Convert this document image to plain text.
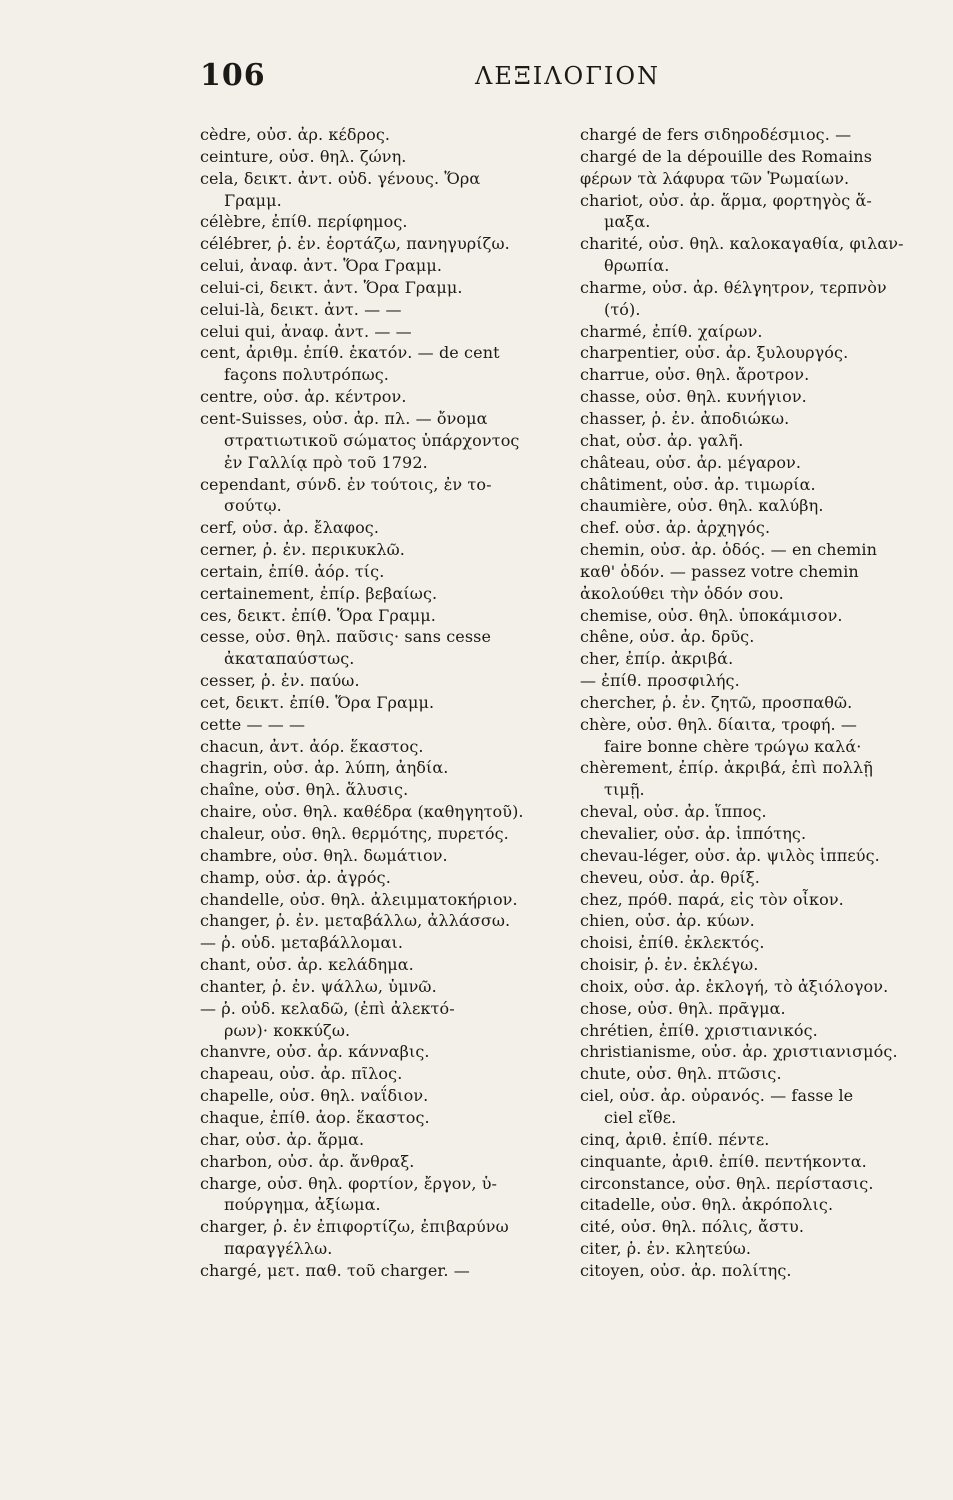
106	ΛΕΞΙΛΟΓΙΟΝ
cèdre, οὐσ. ἀρ. κέδρος.
ceinture, οὐσ. θηλ. ζώνη.
cela, δεικτ. ἀντ. οὐδ. γένους. Ὅρα
Γραμμ.
célèbre, ἐπίθ. περίφημος.
célébrer, ῥ. ἐν. ἑορτάζω, πανηγυρίζω.
celui, ἀναφ. ἀντ. Ὅρα Γραμμ.
celui-ci, δεικτ. ἀντ. Ὅρα Γραμμ.
celui-là, δεικτ. ἀντ. — —
celui qui, ἀναφ. ἀντ. — —
cent, ἀριθμ. ἐπίθ. ἑκατόν. — de cent
façons πολυτρόπως.
centre, οὐσ. ἀρ. κέντρον.
cent-Suisses, οὐσ. ἀρ. πλ. — ὄνομα
στρατιωτικοῦ σώματος ὑπάρχοντος
ἐν Γαλλίᾳ πρὸ τοῦ 1792.
cependant, σύνδ. ἐν τούτοις, ἐν το-
σούτῳ.
cerf, οὐσ. ἀρ. ἔλαφος.
cerner, ῥ. ἐν. περικυκλῶ.
certain, ἐπίθ. ἀόρ. τίς.
certainement, ἐπίρ. βεβαίως.
ces, δεικτ. ἐπίθ. Ὅρα Γραμμ.
cesse, οὐσ. θηλ. παῦσις· sans cesse
ἀκαταπαύστως.
cesser, ῥ. ἐν. παύω.
cet, δεικτ. ἐπίθ. Ὅρα Γραμμ.
cette — — —
chacun, ἀντ. ἀόρ. ἕκαστος.
chagrin, οὐσ. ἀρ. λύπη, ἀηδία.
chaîne, οὐσ. θηλ. ἅλυσις.
chaire, οὐσ. θηλ. καθέδρα (καθηγητοῦ).
chaleur, οὐσ. θηλ. θερμότης, πυρετός.
chambre, οὐσ. θηλ. δωμάτιον.
champ, οὐσ. ἀρ. ἀγρός.
chandelle, οὐσ. θηλ. ἀλειμματοκήριον.
changer, ῥ. ἐν. μεταβάλλω, ἀλλάσσω.
— ῥ. οὐδ. μεταβάλλομαι.
chant, οὐσ. ἀρ. κελάδημα.
chanter, ῥ. ἐν. ψάλλω, ὑμνῶ.
— ῥ. οὐδ. κελαδῶ, (ἐπὶ ἀλεκτό-
ρων)· κοκκύζω.
chanvre, οὐσ. ἀρ. κάνναβις.
chapeau, οὐσ. ἀρ. πῖλος.
chapelle, οὐσ. θηλ. ναΐδιον.
chaque, ἐπίθ. ἀορ. ἕκαστος.
char, οὐσ. ἀρ. ἅρμα.
charbon, οὐσ. ἀρ. ἄνθραξ.
charge, οὐσ. θηλ. φορτίον, ἔργον, ὑ-
πούργημα, ἀξίωμα.
charger, ῥ. ἐν ἐπιφορτίζω, ἐπιβαρύνω
παραγγέλλω.
chargé, μετ. παθ. τοῦ charger. —
chargé de fers σιδηροδέσμιος. —
chargé de la dépouille des Romains
φέρων τὰ λάφυρα τῶν Ῥωμαίων.
chariot, οὐσ. ἀρ. ἅρμα, φορτηγὸς ἅ-
μαξα.
charité, οὐσ. θηλ. καλοκαγαθία, φιλαν-
θρωπία.
charme, οὐσ. ἀρ. θέλγητρον, τερπνὸν
(τό).
charmé, ἐπίθ. χαίρων.
charpentier, οὐσ. ἀρ. ξυλουργός.
charrue, οὐσ. θηλ. ἄροτρον.
chasse, οὐσ. θηλ. κυνήγιον.
chasser, ῥ. ἐν. ἀποδιώκω.
chat, οὐσ. ἀρ. γαλῆ.
château, οὐσ. ἀρ. μέγαρον.
châtiment, οὐσ. ἀρ. τιμωρία.
chaumière, οὐσ. θηλ. καλύβη.
chef. οὐσ. ἀρ. ἀρχηγός.
chemin, οὐσ. ἀρ. ὁδός. — en chemin
καθ' ὁδόν. — passez votre chemin
ἀκολούθει τὴν ὁδόν σου.
chemise, οὐσ. θηλ. ὑποκάμισον.
chêne, οὐσ. ἀρ. δρῦς.
cher, ἐπίρ. ἀκριβά.
— ἐπίθ. προσφιλής.
chercher, ῥ. ἐν. ζητῶ, προσπαθῶ.
chère, οὐσ. θηλ. δίαιτα, τροφή. —
faire bonne chère τρώγω καλά·
chèrement, ἐπίρ. ἀκριβά, ἐπὶ πολλῇ
τιμῇ.
cheval, οὐσ. ἀρ. ἵππος.
chevalier, οὐσ. ἀρ. ἱππότης.
chevau-léger, οὐσ. ἀρ. ψιλὸς ἱππεύς.
cheveu, οὐσ. ἀρ. θρίξ.
chez, πρόθ. παρά, εἰς τὸν οἶκον.
chien, οὐσ. ἀρ. κύων.
choisi, ἐπίθ. ἐκλεκτός.
choisir, ῥ. ἐν. ἐκλέγω.
choix, οὐσ. ἀρ. ἐκλογή, τὸ ἀξιόλογον.
chose, οὐσ. θηλ. πρᾶγμα.
chrétien, ἐπίθ. χριστιανικός.
christianisme, οὐσ. ἀρ. χριστιανισμός.
chute, οὐσ. θηλ. πτῶσις.
ciel, οὐσ. ἀρ. οὐρανός. — fasse le
ciel εἴθε.
cinq, ἀριθ. ἐπίθ. πέντε.
cinquante, ἀριθ. ἐπίθ. πεντήκοντα.
circonstance, οὐσ. θηλ. περίστασις.
citadelle, οὐσ. θηλ. ἀκρόπολις.
cité, οὐσ. θηλ. πόλις, ἄστυ.
citer, ῥ. ἐν. κλητεύω.
citoyen, οὐσ. ἀρ. πολίτης.
